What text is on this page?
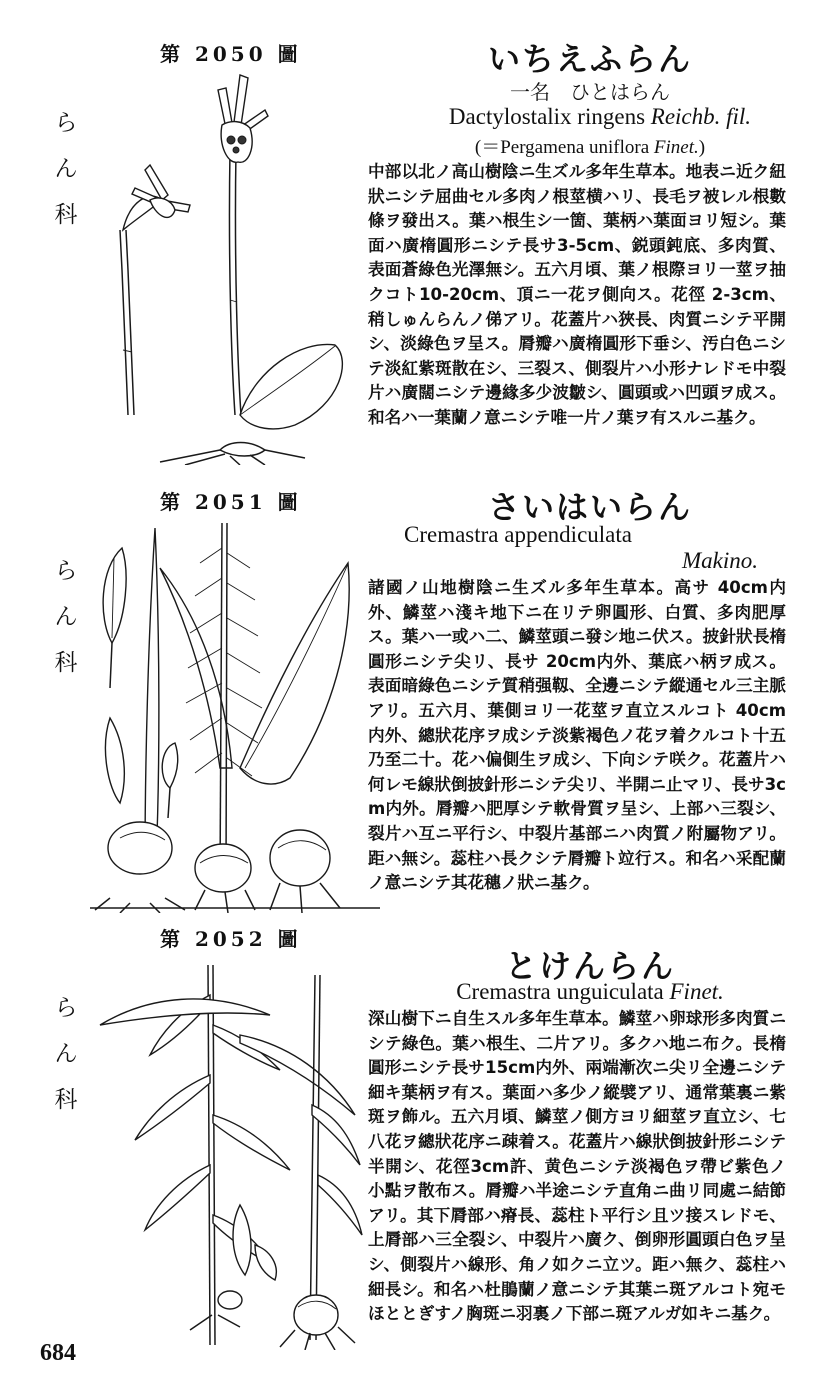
第 2050 圖
ら
ん
科
いちえふらん
一名　ひとはらん
Dactylostalix ringens Reichb. fil.
(＝Pergamena uniflora Finet.)
中部以北ノ高山樹陰ニ生ズル多年生草本。地表ニ近ク紐狀ニシテ屈曲セル多肉ノ根莖横ハリ、長毛ヲ被レル根數條ヲ發出ス。葉ハ根生シ一箇、葉柄ハ葉面ヨリ短シ。葉面ハ廣楕圓形ニシテ長サ3-5cm、鋭頭鈍底、多肉質、表面蒼綠色光澤無シ。五六月頃、葉ノ根際ヨリ一莖ヲ抽クコト10-20cm、頂ニ一花ヲ側向ス。花徑 2-3cm、稍しゅんらんノ俤アリ。花蓋片ハ狹長、肉質ニシテ平開シ、淡綠色ヲ呈ス。脣瓣ハ廣楕圓形下垂シ、汚白色ニシテ淡紅紫斑散在シ、三裂ス、側裂片ハ小形ナレドモ中裂片ハ廣闊ニシテ邊緣多少波皺シ、圓頭或ハ凹頭ヲ成ス。和名ハ一葉蘭ノ意ニシテ唯一片ノ葉ヲ有スルニ基ク。
第 2051 圖
ら
ん
科
さいはいらん
Cremastra appendiculata
Makino.
諸國ノ山地樹陰ニ生ズル多年生草本。高サ 40cm内外、鱗莖ハ淺キ地下ニ在リテ卵圓形、白質、多肉肥厚ス。葉ハ一或ハ二、鱗莖頭ニ發シ地ニ伏ス。披針狀長楕圓形ニシテ尖リ、長サ 20cm内外、葉底ハ柄ヲ成ス。表面暗綠色ニシテ質稍强靱、全邊ニシテ縱通セル三主脈アリ。五六月、葉側ヨリ一花莖ヲ直立スルコト 40cm 内外、總狀花序ヲ成シテ淡紫褐色ノ花ヲ着クルコト十五乃至二十。花ハ偏側生ヲ成シ、下向シテ咲ク。花蓋片ハ何レモ線狀倒披針形ニシテ尖リ、半開ニ止マリ、長サ3cm内外。脣瓣ハ肥厚シテ軟骨質ヲ呈シ、上部ハ三裂シ、裂片ハ互ニ平行シ、中裂片基部ニハ肉質ノ附屬物アリ。距ハ無シ。蕊柱ハ長クシテ脣瓣ト竝行ス。和名ハ采配蘭ノ意ニシテ其花穗ノ狀ニ基ク。
第 2052 圖
ら
ん
科
とけんらん
Cremastra unguiculata Finet.
深山樹下ニ自生スル多年生草本。鱗莖ハ卵球形多肉質ニシテ綠色。葉ハ根生、二片アリ。多クハ地ニ布ク。長楕圓形ニシテ長サ15cm内外、兩端漸次ニ尖リ全邊ニシテ細キ葉柄ヲ有ス。葉面ハ多少ノ縱襞アリ、通常葉裏ニ紫斑ヲ飾ル。五六月頃、鱗莖ノ側方ヨリ細莖ヲ直立シ、七八花ヲ總狀花序ニ疎着ス。花蓋片ハ線狀倒披針形ニシテ半開シ、花徑3cm許、黄色ニシテ淡褐色ヲ帶ビ紫色ノ小點ヲ散布ス。脣瓣ハ半途ニシテ直角ニ曲リ同處ニ結節アリ。其下脣部ハ瘠長、蕊柱ト平行シ且ツ接スレドモ、上脣部ハ三全裂シ、中裂片ハ廣ク、倒卵形圓頭白色ヲ呈シ、側裂片ハ線形、角ノ如クニ立ツ。距ハ無ク、蕊柱ハ細長シ。和名ハ杜鵑蘭ノ意ニシテ其葉ニ斑アルコト宛モほととぎすノ胸斑ニ羽裏ノ下部ニ斑アルガ如キニ基ク。
684
